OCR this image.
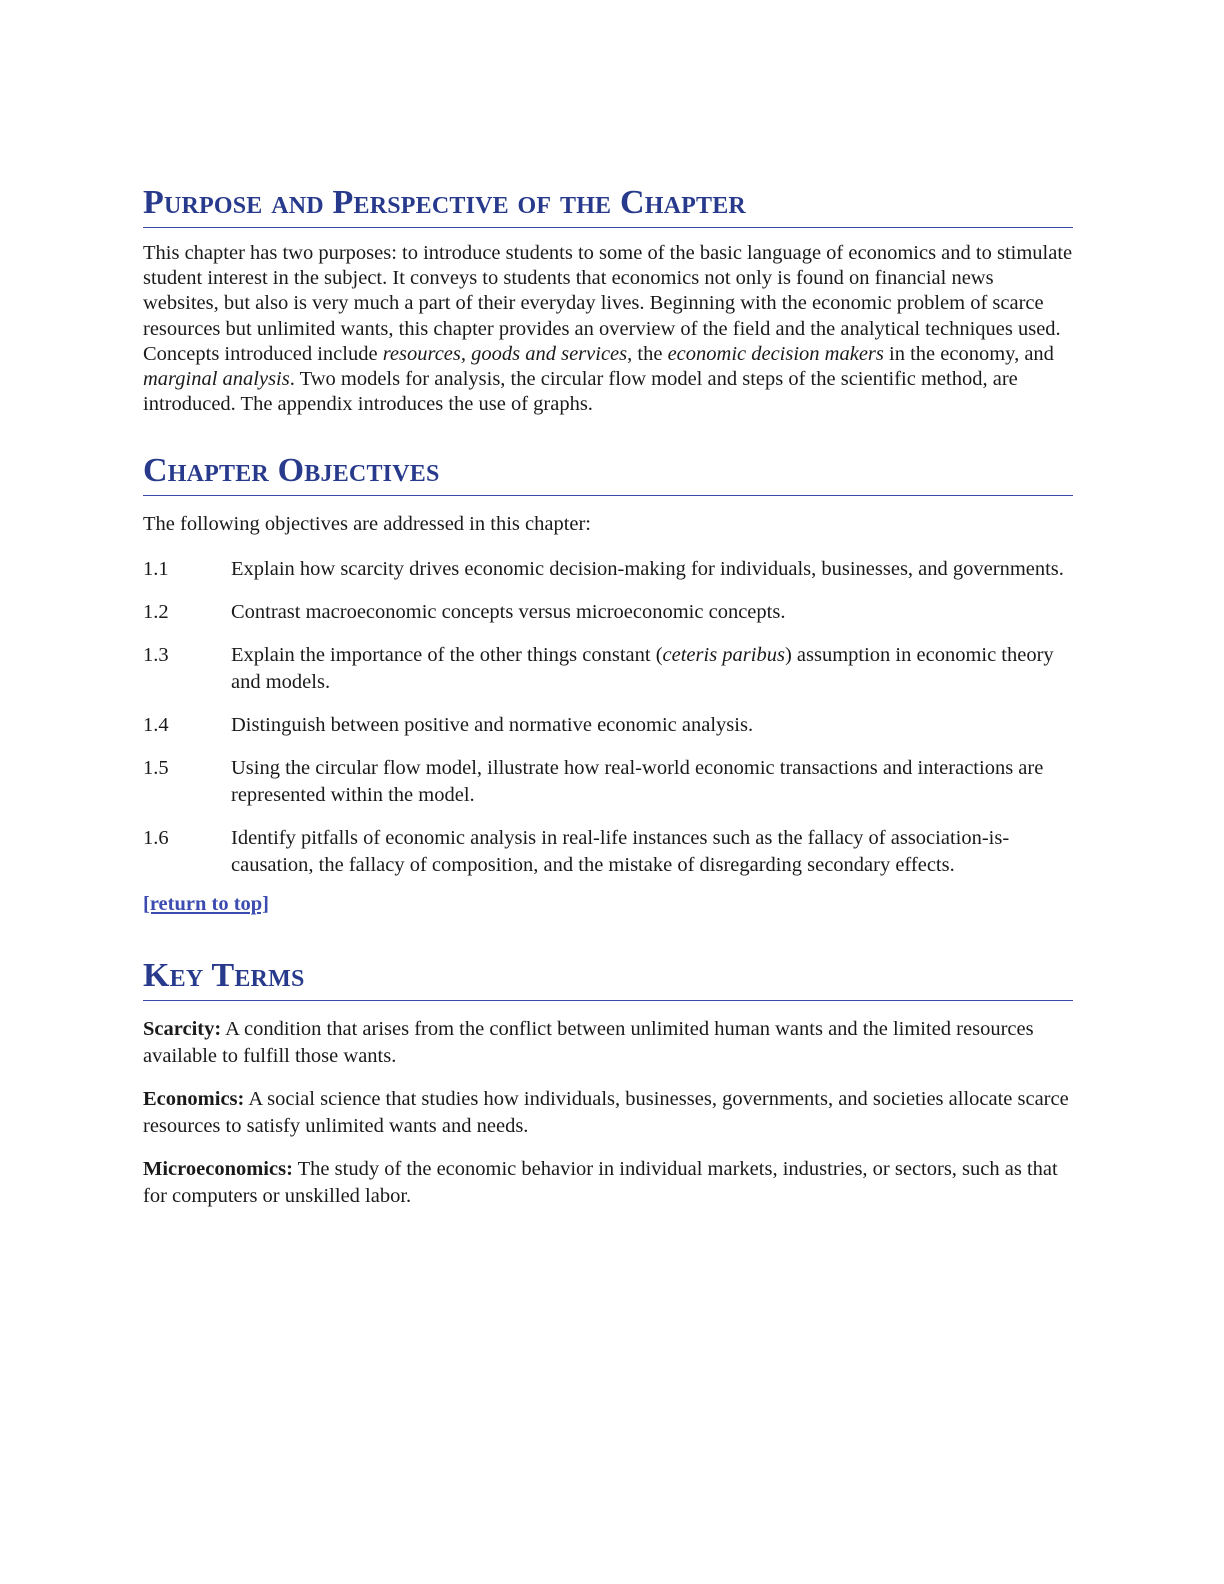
Purpose and Perspective of the Chapter

This chapter has two purposes: to introduce students to some of the basic language of economics and to stimulate student interest in the subject. It conveys to students that economics not only is found on financial news websites, but also is very much a part of their everyday lives. Beginning with the economic problem of scarce resources but unlimited wants, this chapter provides an overview of the field and the analytical techniques used. Concepts introduced include resources, goods and services, the economic decision makers in the economy, and marginal analysis. Two models for analysis, the circular flow model and steps of the scientific method, are introduced. The appendix introduces the use of graphs.

Chapter Objectives

The following objectives are addressed in this chapter:

1.1	Explain how scarcity drives economic decision-making for individuals, businesses, and governments.
1.2	Contrast macroeconomic concepts versus microeconomic concepts.
1.3	Explain the importance of the other things constant (ceteris paribus) assumption in economic theory and models.
1.4	Distinguish between positive and normative economic analysis.
1.5	Using the circular flow model, illustrate how real-world economic transactions and interactions are represented within the model.
1.6	Identify pitfalls of economic analysis in real-life instances such as the fallacy of association-is-causation, the fallacy of composition, and the mistake of disregarding secondary effects.
[return to top]
Key Terms

Scarcity: A condition that arises from the conflict between unlimited human wants and the limited resources available to fulfill those wants.

Economics: A social science that studies how individuals, businesses, governments, and societies allocate scarce resources to satisfy unlimited wants and needs.

Microeconomics: The study of the economic behavior in individual markets, industries, or sectors, such as that for computers or unskilled labor.
